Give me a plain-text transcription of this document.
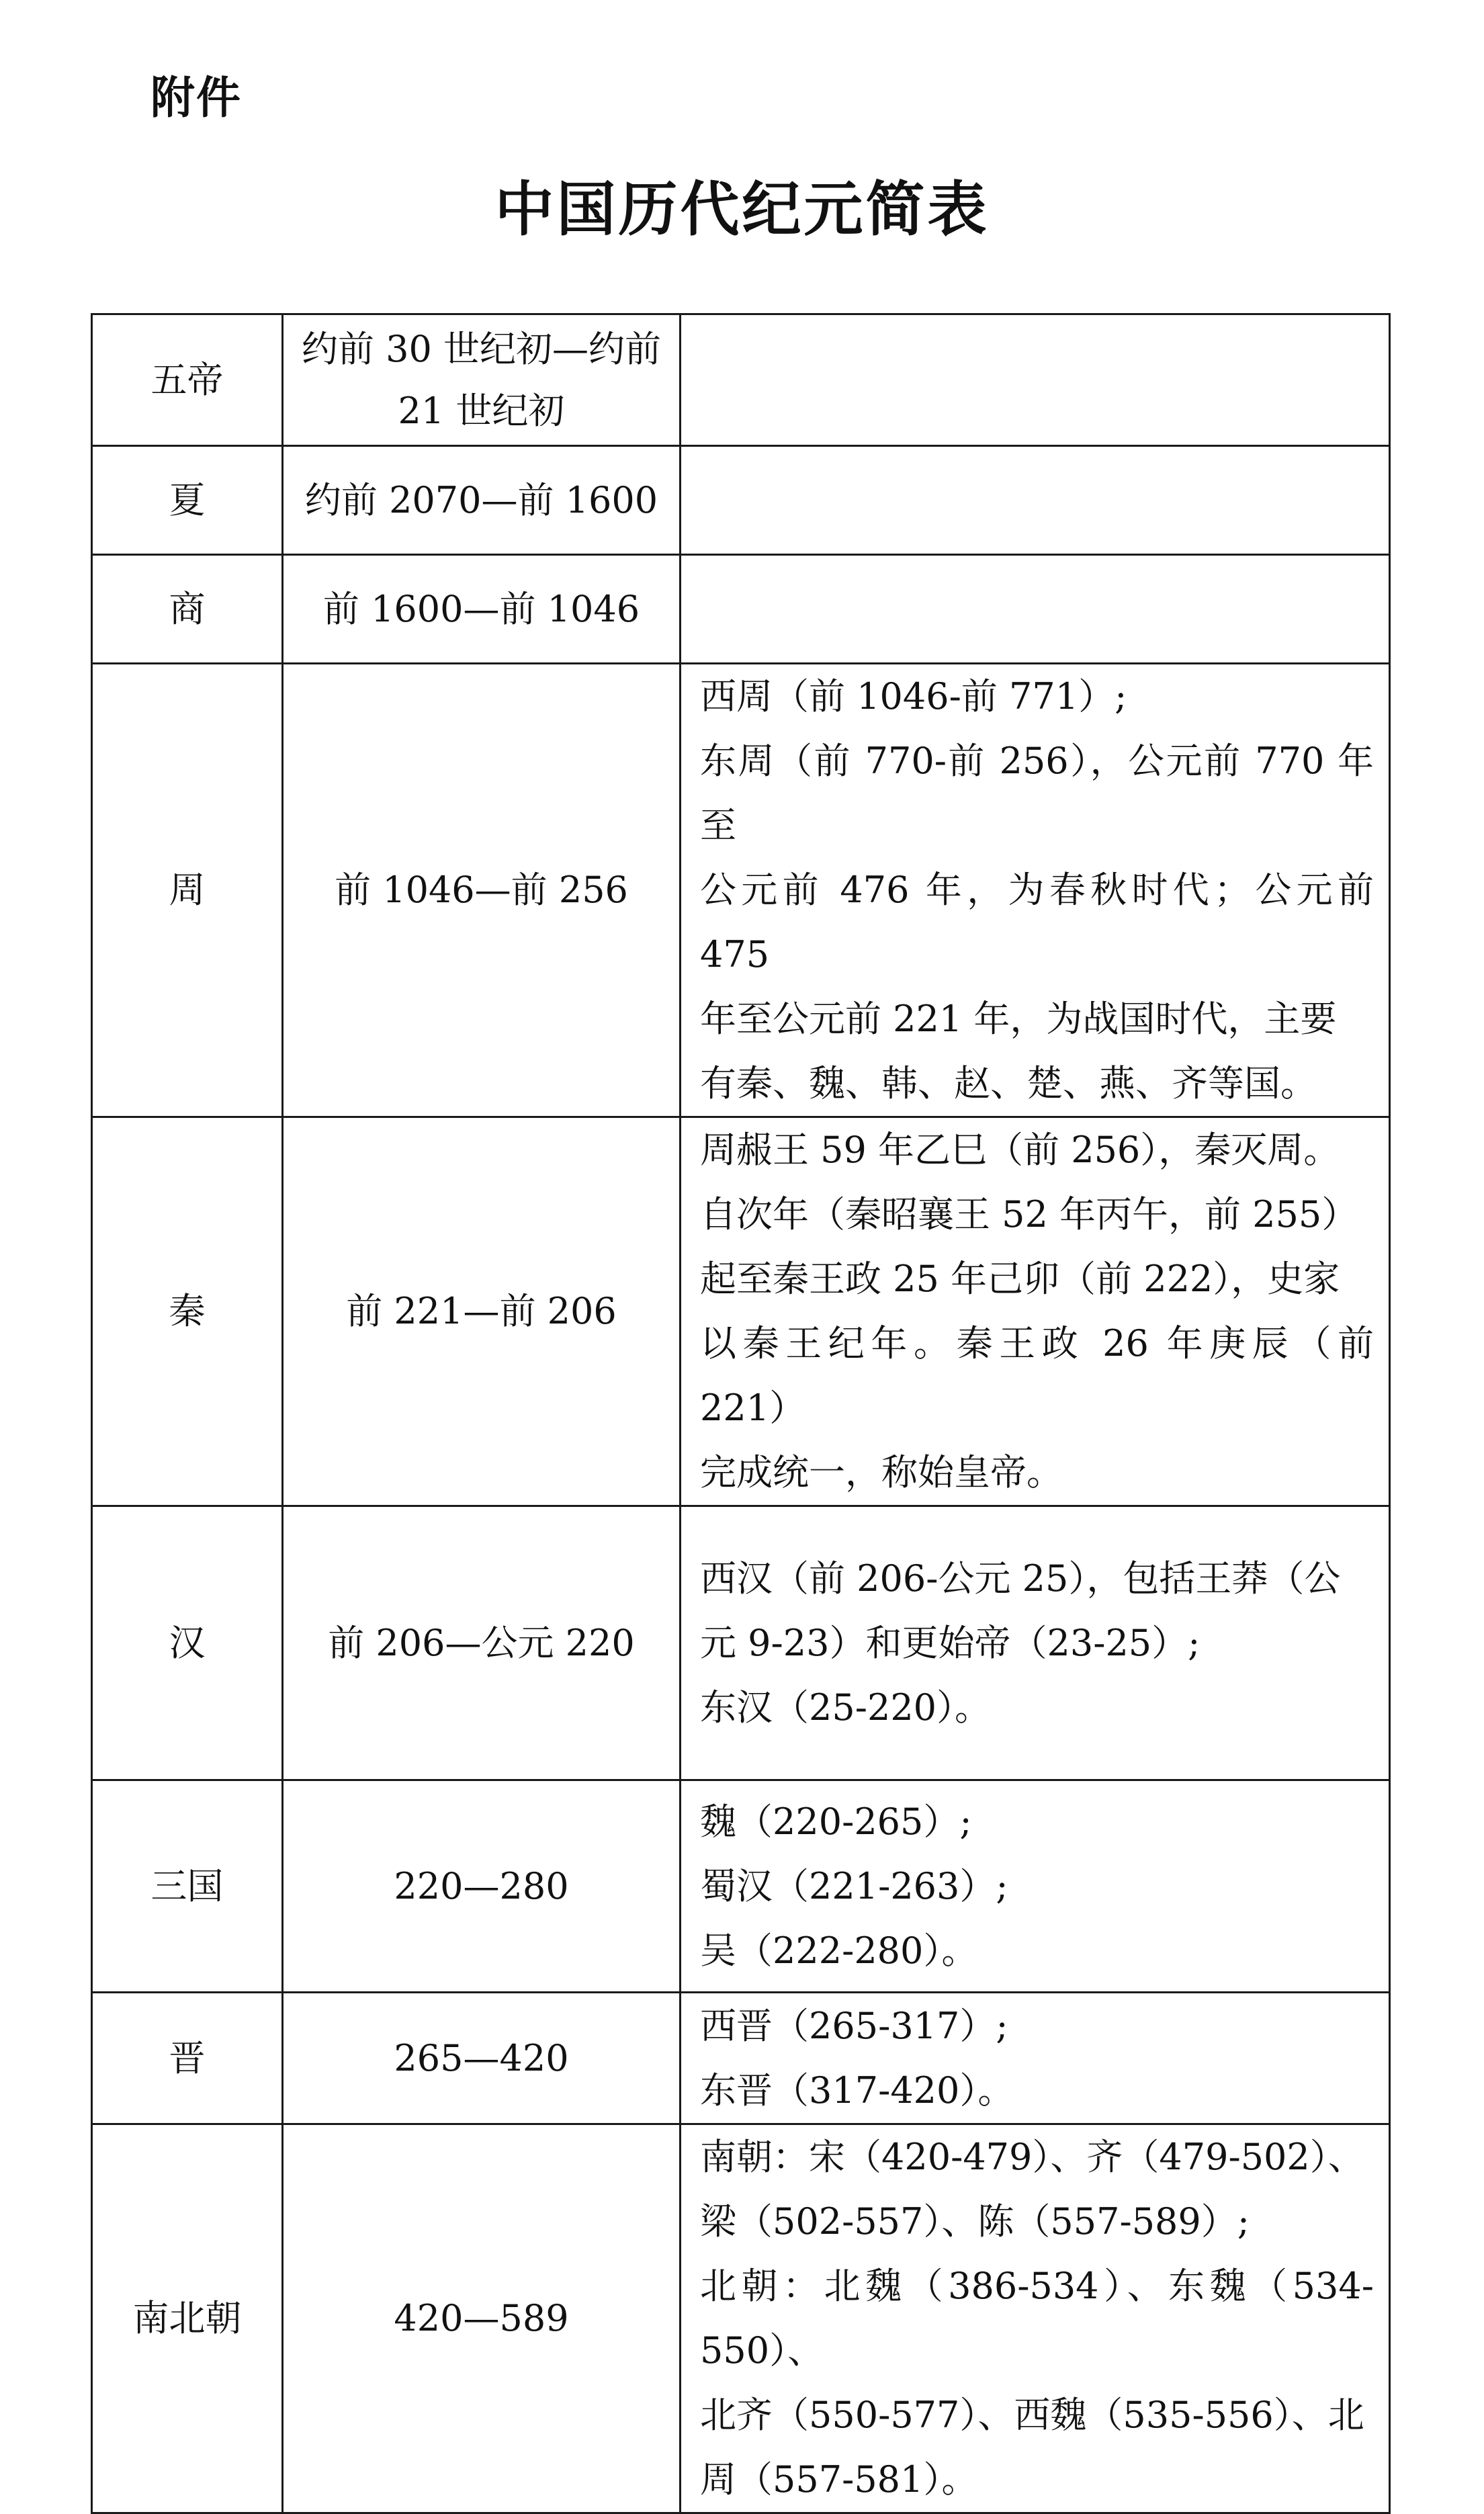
附件
中国历代纪元简表
五帝	约前 30 世纪初—约前
21 世纪初	

夏	约前 2070—前 1600	

商	前 1600—前 1046	

周	前 1046—前 256	西周（前 1046-前 771）;
东周（前 770-前 256），公元前 770 年至
公元前 476 年，为春秋时代；公元前 475
年至公元前 221 年，为战国时代，主要
有秦、魏、韩、赵、楚、燕、齐等国。

秦	前 221—前 206	周赧王 59 年乙巳（前 256），秦灭周。
自次年（秦昭襄王 52 年丙午，前 255）
起至秦王政 25 年己卯（前 222），史家
以秦王纪年。秦王政 26 年庚辰（前 221）
完成统一，称始皇帝。

汉	前 206—公元 220	西汉（前 206-公元 25），包括王莽（公
元 9-23）和更始帝（23-25）;
东汉（25-220）。

三国	220—280	魏（220-265）;
蜀汉（221-263）;
吴（222-280）。

晋	265—420	西晋（265-317）;
东晋（317-420）。

南北朝	420—589	南朝：宋（420-479）、齐（479-502）、
梁（502-557）、陈（557-589）;
北朝：北魏（386-534）、东魏（534-550）、
北齐（550-577）、西魏（535-556）、北
周（557-581）。
